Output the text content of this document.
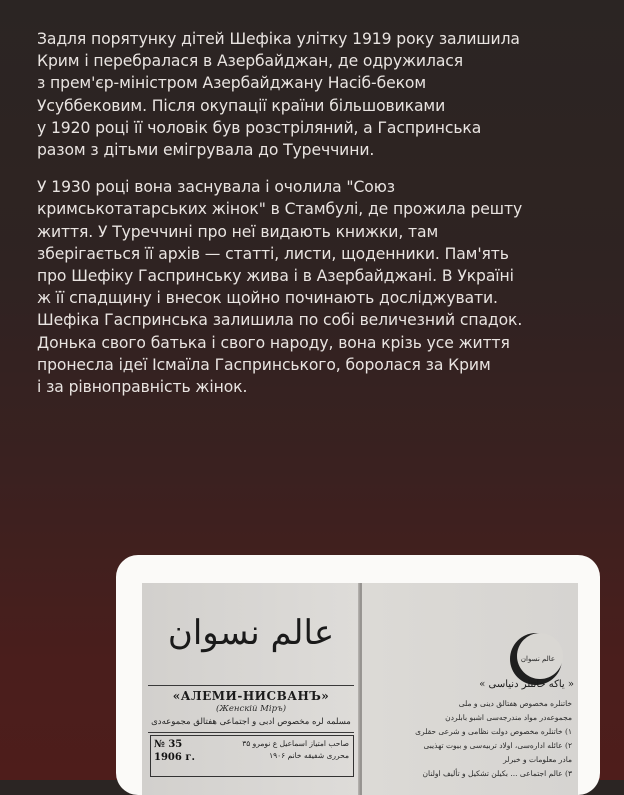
Задля порятунку дітей Шефіка улітку 1919 року залишила
Крим і перебралася в Азербайджан, де одружилася
з прем'єр-міністром Азербайджану Насіб-беком
Усуббековим. Після окупації країни більшовиками
у 1920 році її чоловік був розстріляний, а Гаспринська
разом з дітьми емігрувала до Туреччини.

У 1930 році вона заснувала і очолила "Союз
кримськотатарських жінок" в Стамбулі, де прожила решту
життя. У Туреччині про неї видають книжки, там
зберігається її архів — статті, листи, щоденники. Пам'ять
про Шефіку Гаспринську жива і в Азербайджані. В Україні
ж її спадщину і внесок щойно починають досліджувати.
Шефіка Гаспринська залишила по собі величезний спадок.
Донька свого батька і свого народу, вона крізь усе життя
пронесла ідеї Ісмаїла Гаспринського, боролася за Крим
і за рівноправність жінок.

عالم نسوان
«АЛЕМИ-НИСВАНЪ»
(Женскій Міръ)
مسلمه لره مخصوص ادبی و اجتماعی هفتالق مجموعه‌دی
№ 35
1906 г.
صاحب امتیاز اسماعیل ع نومرو ۳۵
محرری شفیقه خانم ۱۹۰۶
عالم نسوان
« یاکه خاتنلر دنیاسی »
خاتنلره مخصوص هفتالق دینی و ملی
مجموعه‌در مواد مندرجه‌سی اشبو بابلردن
۱) خاتنلره مخصوص دولت نظامی و شرعی حقلری
۲) عائله اداره‌سی، اولاد تربیه‌سی و بیوت تهذیبی
مادر معلومات و خبرلر
۳) عالم اجتماعی ... بکیلن تشکیل و تألیف اولنان
